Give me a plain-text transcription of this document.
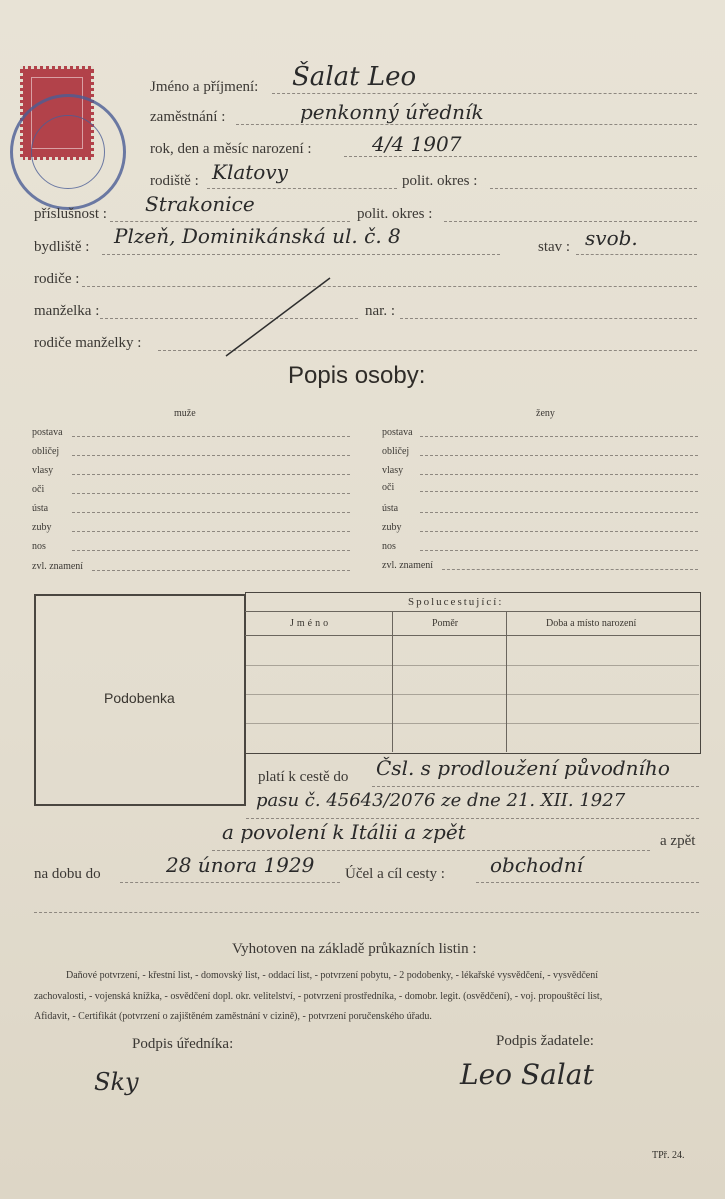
Jméno a příjmení: Šalat Leo
zaměstnání :	penkonný úředník
rok, den a měsíc narození :	4/4 1907
rodiště : Klatovy	polit. okres :
příslušnost : Strakonice	polit. okres :
bydliště : Plzeň, Dominikánská ul. č. 8	stav : svob.
rodiče :
manželka :	nar. :
rodiče manželky :
Popis osoby:
muže	ženy
postava
obličej
vlasy
oči
ústa
zuby
nos
zvl. znamení
postava
obličej
vlasy
oči
ústa
zuby
nos
zvl. znamení
Podobenka
Spolucestující:
Jméno	Poměr	Doba a místo narození
platí k cestě do Čsl. s prodloužení původního
pasu č. 45643/2076 ze dne 21. XII. 1927
a povolení k Itálii a zpět	a zpět
na dobu do	28 února 1929 Účel a cíl cesty : obchodní
Vyhotoven na základě průkazních listin :
Daňové potvrzení, - křestní list, - domovský list, - oddací list, - potvrzení pobytu, - 2 podobenky, - lékařské vysvědčení, - vysvědčení
zachovalosti, - vojenská knížka, - osvědčení dopl. okr. velitelství, - potvrzení prostředníka, - domobr. legit. (osvědčení), - voj. propouštěcí list,
Afidavit, - Certifikát (potvrzení o zajištěném zaměstnání v cizině), - potvrzení poručenského úřadu.
Podpis úředníka:	Podpis žadatele:
Sky	Leo Salat
TPř. 24.
